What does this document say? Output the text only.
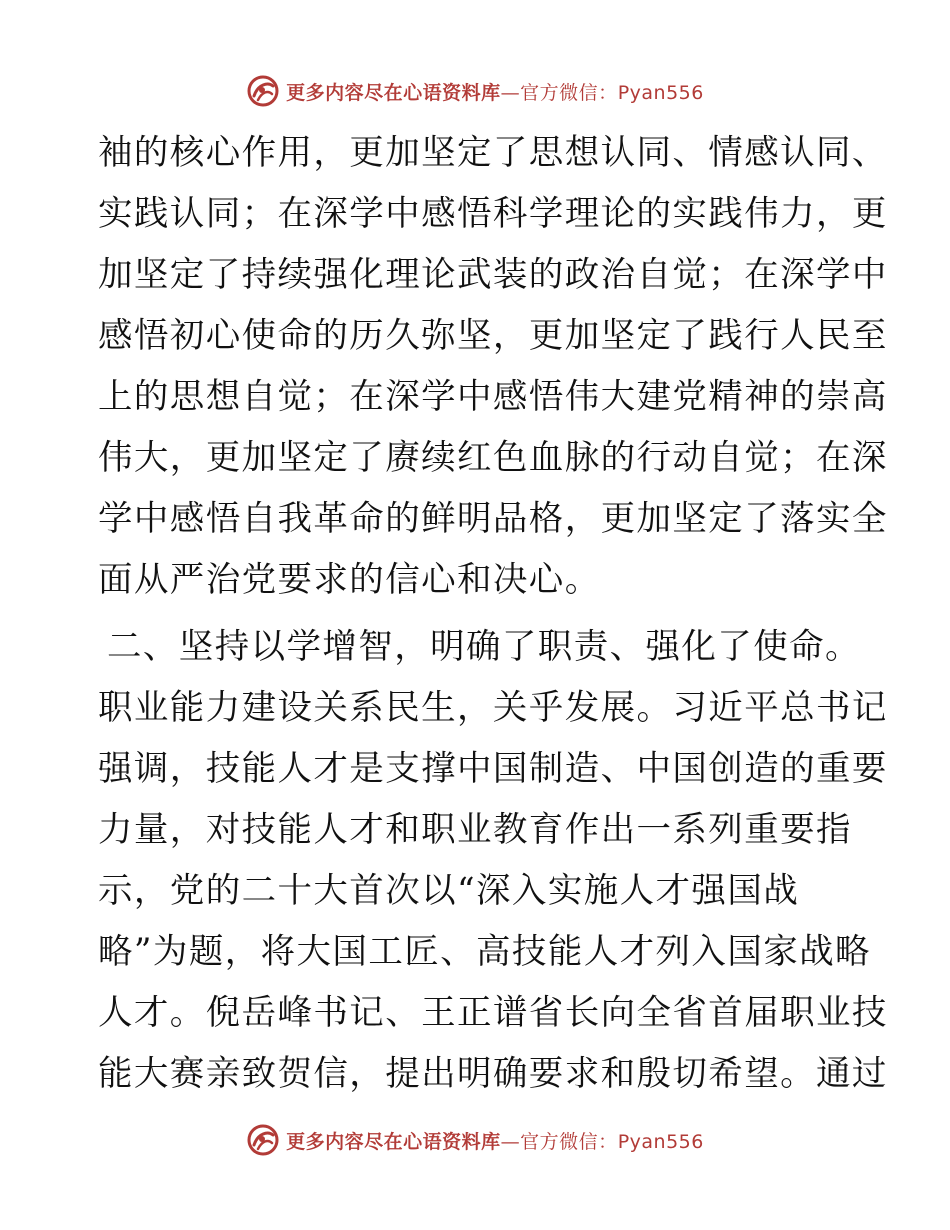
更多内容尽在心语资料库—官方微信：Pyan556
袖的核心作用，更加坚定了思想认同、情感认同、
实践认同；在深学中感悟科学理论的实践伟力，更
加坚定了持续强化理论武装的政治自觉；在深学中
感悟初心使命的历久弥坚，更加坚定了践行人民至
上的思想自觉；在深学中感悟伟大建党精神的崇高
伟大，更加坚定了赓续红色血脉的行动自觉；在深
学中感悟自我革命的鲜明品格，更加坚定了落实全
面从严治党要求的信心和决心。
二、坚持以学增智，明确了职责、强化了使命。
职业能力建设关系民生，关乎发展。习近平总书记
强调，技能人才是支撑中国制造、中国创造的重要
力量，对技能人才和职业教育作出一系列重要指
示，党的二十大首次以“深入实施人才强国战
略”为题，将大国工匠、高技能人才列入国家战略
人才。倪岳峰书记、王正谱省长向全省首届职业技
能大赛亲致贺信，提出明确要求和殷切希望。通过
更多内容尽在心语资料库—官方微信：Pyan556
